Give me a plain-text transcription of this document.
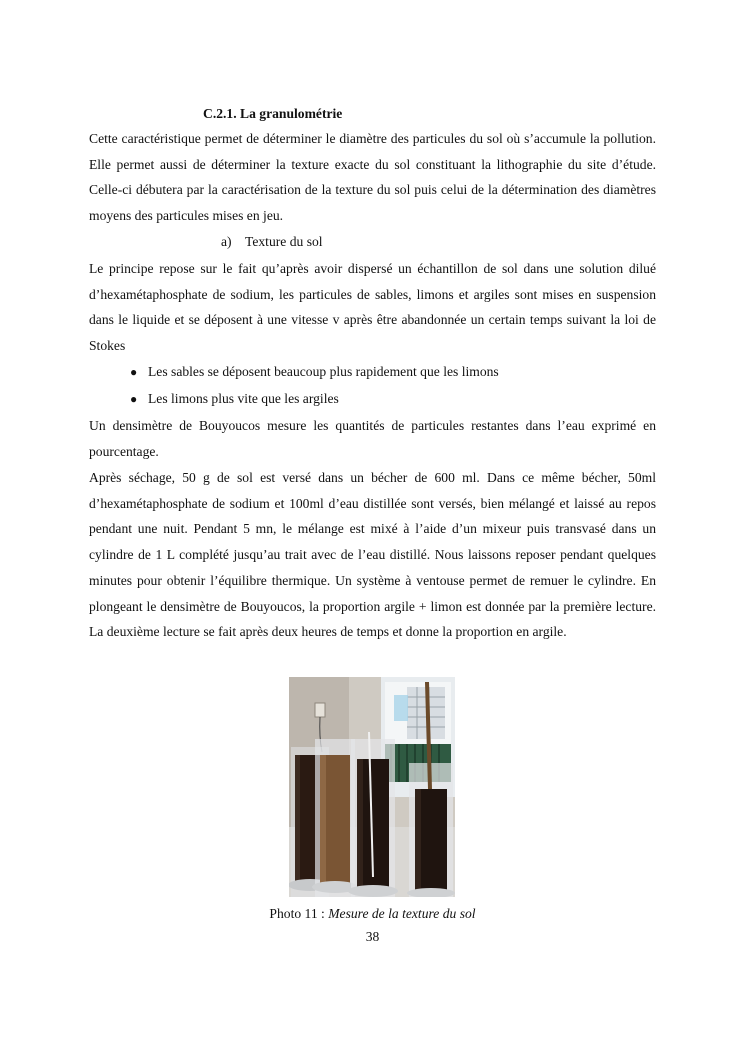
C.2.1. La granulométrie

Cette caractéristique permet de déterminer le diamètre des particules du sol où s’accumule la pollution. Elle permet aussi de déterminer la texture exacte du sol constituant la lithographie du site d’étude. Celle-ci débutera par la caractérisation de la texture du sol puis celui de la détermination des diamètres moyens des particules mises en jeu.

a) Texture du sol

Le principe repose sur le fait qu’après avoir dispersé un échantillon de sol dans une solution dilué d’hexamétaphosphate de sodium, les particules de sables, limons et argiles sont mises en suspension dans le liquide et se déposent à une vitesse v après être abandonnée un certain temps suivant la loi de Stokes

● Les sables se déposent beaucoup plus rapidement que les limons
● Les limons plus vite que les argiles

Un densimètre de Bouyoucos mesure les quantités de particules restantes dans l’eau exprimé en pourcentage.

Après séchage, 50 g de sol est versé dans un bécher de 600 ml. Dans ce même bécher, 50ml d’hexamétaphosphate de sodium et 100ml d’eau distillée sont versés, bien mélangé et laissé au repos pendant une nuit. Pendant 5 mn, le mélange est mixé à l’aide d’un mixeur puis transvasé dans un cylindre de 1 L complété jusqu’au trait avec de l’eau distillé. Nous laissons reposer pendant quelques minutes pour obtenir l’équilibre thermique. Un système à ventouse permet de remuer le cylindre. En plongeant le densimètre de Bouyoucos, la proportion argile + limon est donnée par la première lecture. La deuxième lecture se fait après deux heures de temps et donne la proportion en argile.

Photo 11 : Mesure de la texture du sol
38
